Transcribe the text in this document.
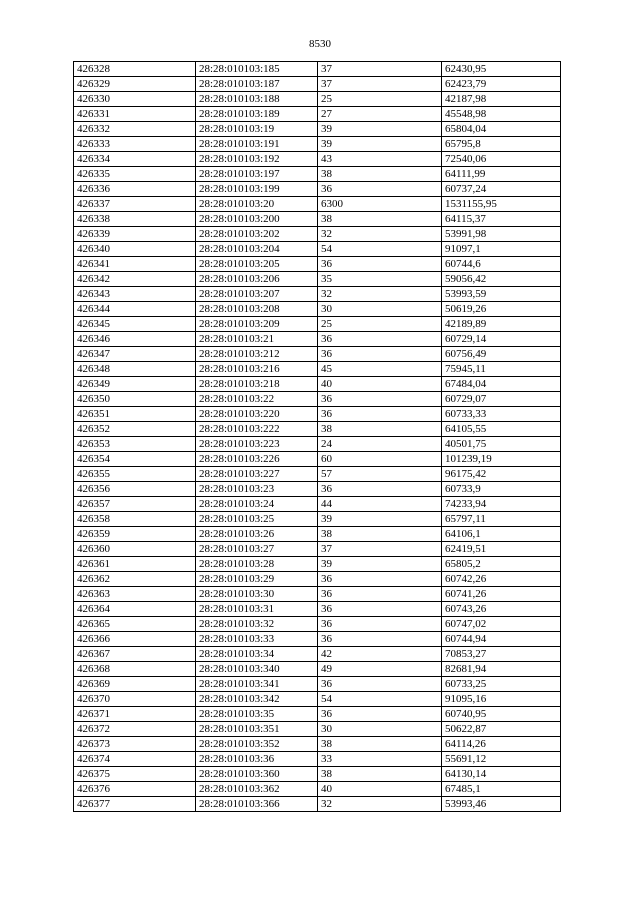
8530
426328	28:28:010103:185	37	62430,95
426329	28:28:010103:187	37	62423,79
426330	28:28:010103:188	25	42187,98
426331	28:28:010103:189	27	45548,98
426332	28:28:010103:19	39	65804,04
426333	28:28:010103:191	39	65795,8
426334	28:28:010103:192	43	72540,06
426335	28:28:010103:197	38	64111,99
426336	28:28:010103:199	36	60737,24
426337	28:28:010103:20	6300	1531155,95
426338	28:28:010103:200	38	64115,37
426339	28:28:010103:202	32	53991,98
426340	28:28:010103:204	54	91097,1
426341	28:28:010103:205	36	60744,6
426342	28:28:010103:206	35	59056,42
426343	28:28:010103:207	32	53993,59
426344	28:28:010103:208	30	50619,26
426345	28:28:010103:209	25	42189,89
426346	28:28:010103:21	36	60729,14
426347	28:28:010103:212	36	60756,49
426348	28:28:010103:216	45	75945,11
426349	28:28:010103:218	40	67484,04
426350	28:28:010103:22	36	60729,07
426351	28:28:010103:220	36	60733,33
426352	28:28:010103:222	38	64105,55
426353	28:28:010103:223	24	40501,75
426354	28:28:010103:226	60	101239,19
426355	28:28:010103:227	57	96175,42
426356	28:28:010103:23	36	60733,9
426357	28:28:010103:24	44	74233,94
426358	28:28:010103:25	39	65797,11
426359	28:28:010103:26	38	64106,1
426360	28:28:010103:27	37	62419,51
426361	28:28:010103:28	39	65805,2
426362	28:28:010103:29	36	60742,26
426363	28:28:010103:30	36	60741,26
426364	28:28:010103:31	36	60743,26
426365	28:28:010103:32	36	60747,02
426366	28:28:010103:33	36	60744,94
426367	28:28:010103:34	42	70853,27
426368	28:28:010103:340	49	82681,94
426369	28:28:010103:341	36	60733,25
426370	28:28:010103:342	54	91095,16
426371	28:28:010103:35	36	60740,95
426372	28:28:010103:351	30	50622,87
426373	28:28:010103:352	38	64114,26
426374	28:28:010103:36	33	55691,12
426375	28:28:010103:360	38	64130,14
426376	28:28:010103:362	40	67485,1
426377	28:28:010103:366	32	53993,46
